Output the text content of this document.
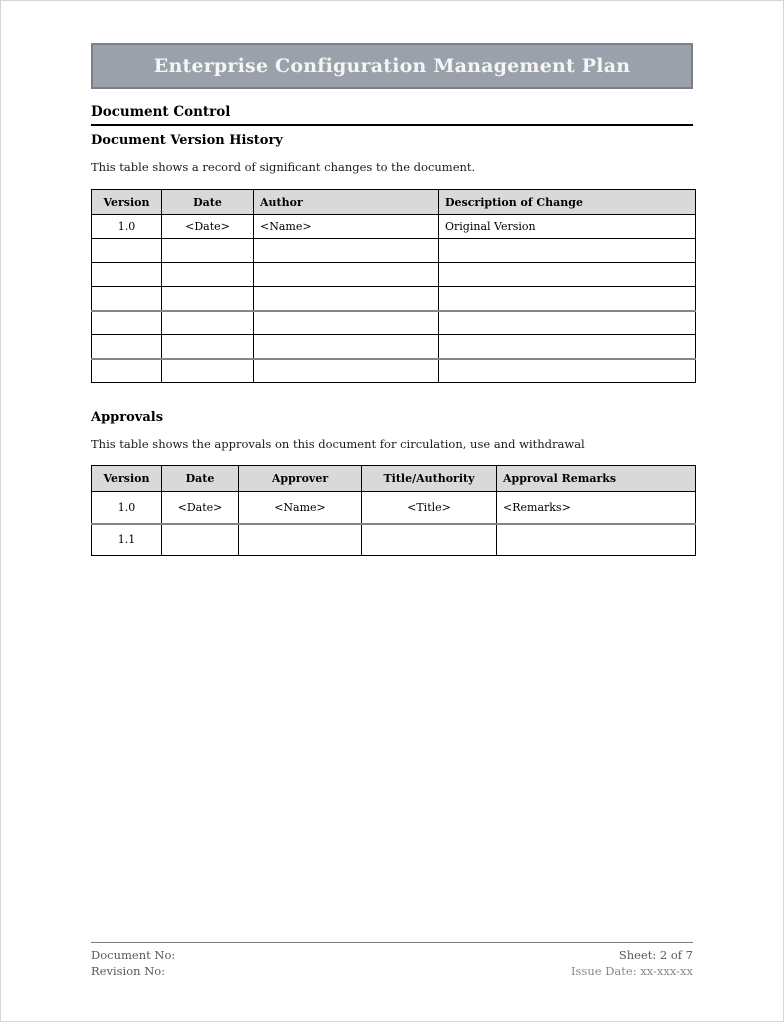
Enterprise Configuration Management Plan
Document Control
Document Version History
This table shows a record of significant changes to the document.
Version	Date	Author	Description of Change
1.0	<Date>	<Name>	Original Version

Approvals
This table shows the approvals on this document for circulation, use and withdrawal
Version	Date	Approver	Title/Authority	Approval Remarks
1.0	<Date>	<Name>	<Title>	<Remarks>
1.1				
Document No:
Revision No:
Sheet: 2 of 7
Issue Date: xx-xxx-xx
